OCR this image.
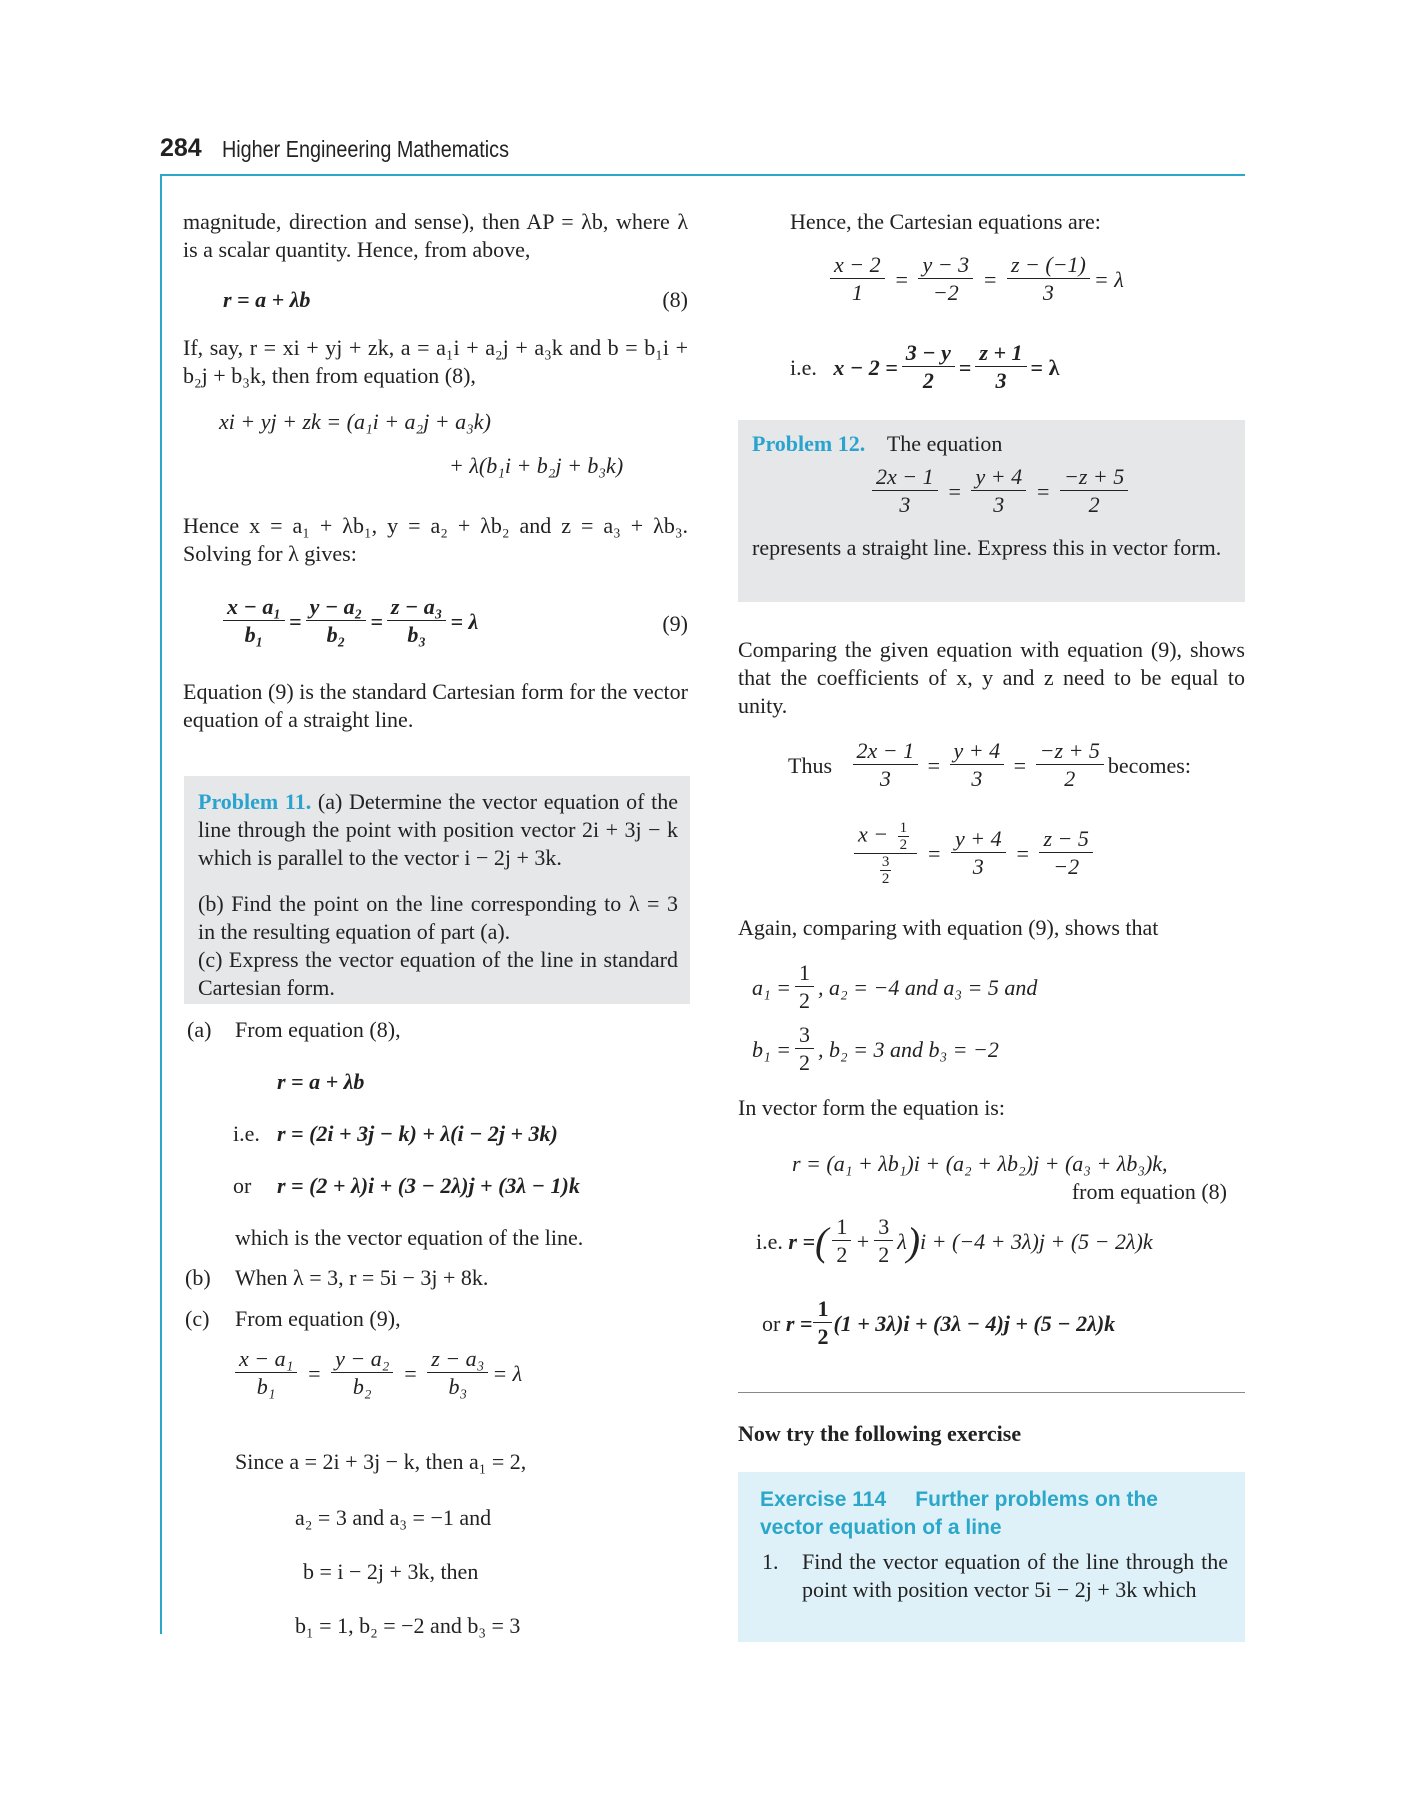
284 Higher Engineering Mathematics

magnitude, direction and sense), then AP = λb, where λ is a scalar quantity. Hence, from above,

r = a + λb	(8)

If, say, r = xi + yj + zk, a = a₁i + a₂j + a₃k and b = b₁i + b₂j + b₃k, then from equation (8),

xi + yj + zk = (a₁i + a₂j + a₃k)

+ λ(b₁i + b₂j + b₃k)

Hence x = a₁ + λb₁, y = a₂ + λb₂ and z = a₃ + λb₃. Solving for λ gives:

$\frac{\text{x − a₁}}{\text{b₁}} = \frac{\text{y − a₂}}{\text{b₂}} = \frac{\text{z − a₃}}{\text{b₃}} = \lambda$	(9)

Equation (9) is the standard Cartesian form for the vector equation of a straight line.

Problem 11. (a) Determine the vector equation of the line through the point with position vector 2i + 3j − k which is parallel to the vector i − 2j + 3k.

(b) Find the point on the line corresponding to λ = 3 in the resulting equation of part (a).

(c) Express the vector equation of the line in standard Cartesian form.

(a) From equation (8),
r = a + λb
i.e. r = (2i + 3j − k) + λ(i − 2j + 3k)
or r = (2 + λ)i + (3 − 2λ)j + (3λ − 1)k
which is the vector equation of the line.
(b) When λ = 3, r = 5i − 3j + 8k.
(c) From equation (9),
$\frac{\text{x − a₁}}{\text{b₁}} = \frac{\text{y − a₂}}{\text{b₂}} = \frac{\text{z − a₃}}{\text{b₃}} = \lambda$
Since a = 2i + 3j − k, then a₁ = 2,
a₂ = 3 and a₃ = −1 and
b = i − 2j + 3k, then
b₁ = 1, b₂ = −2 and b₃ = 3
Hence, the Cartesian equations are:
$\frac{x - 2}{1} = \frac{y - 3}{-2} = \frac{z - (-1)}{3} = \lambda$
i.e.
$x - 2 = \frac{3 - y}{2} = \frac{z + 1}{3} = \lambda$

Problem 12. The equation

$\frac{2x - 1}{3} = \frac{y + 4}{3} = \frac{-z + 5}{2}$

represents a straight line. Express this in vector form.

Comparing the given equation with equation (9), shows that the coefficients of x, y and z need to be equal to unity.

Thus
$\frac{2x - 1}{3} = \frac{y + 4}{3} = \frac{-z + 5}{2}$ becomes:
$\frac{x - \frac{1}{2}}{\frac{3}{2}} = \frac{y + 4}{3} = \frac{z - 5}{-2}$
Again, comparing with equation (9), shows that
$a_1 = \frac{1}{2}$ , a₂ = −4 and a₃ = 5 and
$b_1 = \frac{3}{2}$ , b₂ = 3 and b₃ = −2
In vector form the equation is:
r = (a₁ + λb₁)i + (a₂ + λb₂)j + (a₃ + λb₃)k,
from equation (8)
i.e.
r = ( $\frac{1}{2} + \frac{3}{2}$ λ ) i + (−4 + 3λ)j + (5 − 2λ)k
or
$r = \frac{1}{2} (1 + 3\lambda)i + (3\lambda - 4)j + (5 - 2\lambda)k$
Now try the following exercise

Exercise 114     Further problems on the vector equation of a line

1. Find the vector equation of the line through the point with position vector 5i − 2j + 3k which
